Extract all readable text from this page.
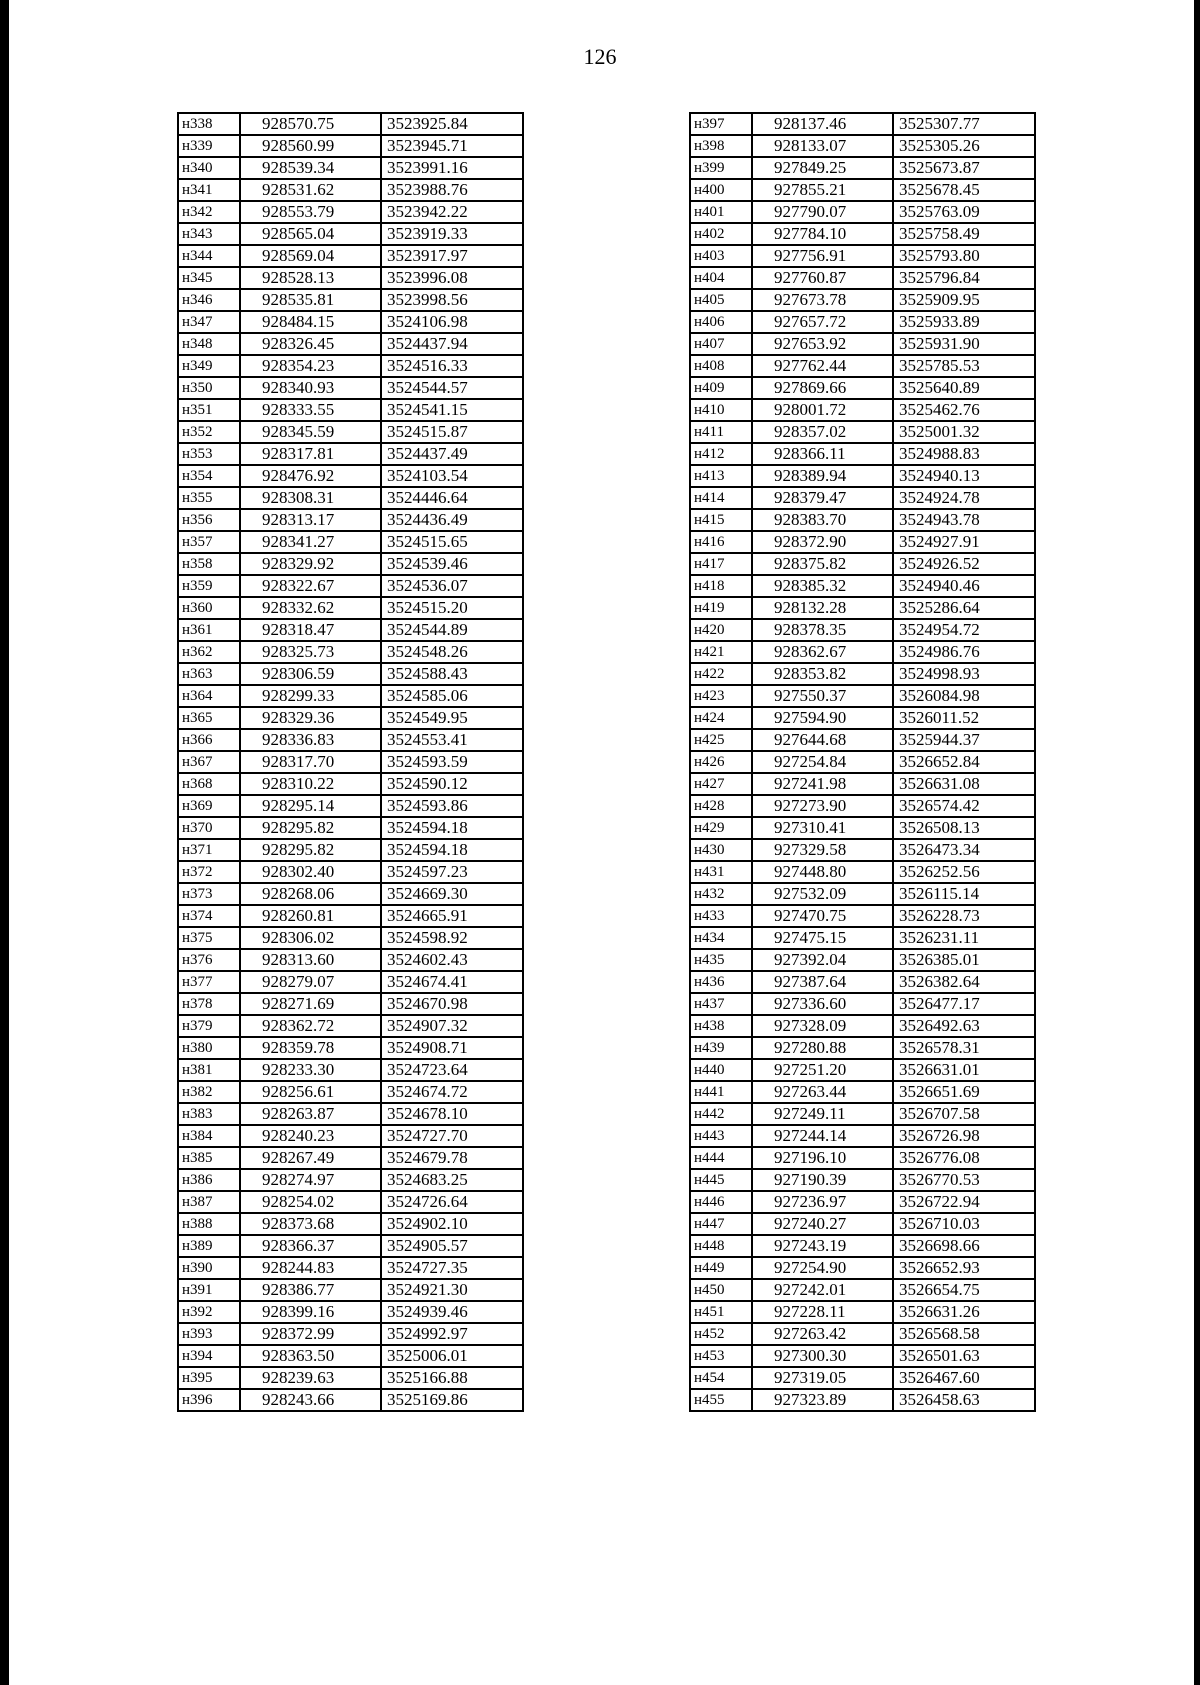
126
н338	928570.75	3523925.84
н339	928560.99	3523945.71
н340	928539.34	3523991.16
н341	928531.62	3523988.76
н342	928553.79	3523942.22
н343	928565.04	3523919.33
н344	928569.04	3523917.97
н345	928528.13	3523996.08
н346	928535.81	3523998.56
н347	928484.15	3524106.98
н348	928326.45	3524437.94
н349	928354.23	3524516.33
н350	928340.93	3524544.57
н351	928333.55	3524541.15
н352	928345.59	3524515.87
н353	928317.81	3524437.49
н354	928476.92	3524103.54
н355	928308.31	3524446.64
н356	928313.17	3524436.49
н357	928341.27	3524515.65
н358	928329.92	3524539.46
н359	928322.67	3524536.07
н360	928332.62	3524515.20
н361	928318.47	3524544.89
н362	928325.73	3524548.26
н363	928306.59	3524588.43
н364	928299.33	3524585.06
н365	928329.36	3524549.95
н366	928336.83	3524553.41
н367	928317.70	3524593.59
н368	928310.22	3524590.12
н369	928295.14	3524593.86
н370	928295.82	3524594.18
н371	928295.82	3524594.18
н372	928302.40	3524597.23
н373	928268.06	3524669.30
н374	928260.81	3524665.91
н375	928306.02	3524598.92
н376	928313.60	3524602.43
н377	928279.07	3524674.41
н378	928271.69	3524670.98
н379	928362.72	3524907.32
н380	928359.78	3524908.71
н381	928233.30	3524723.64
н382	928256.61	3524674.72
н383	928263.87	3524678.10
н384	928240.23	3524727.70
н385	928267.49	3524679.78
н386	928274.97	3524683.25
н387	928254.02	3524726.64
н388	928373.68	3524902.10
н389	928366.37	3524905.57
н390	928244.83	3524727.35
н391	928386.77	3524921.30
н392	928399.16	3524939.46
н393	928372.99	3524992.97
н394	928363.50	3525006.01
н395	928239.63	3525166.88
н396	928243.66	3525169.86
н397	928137.46	3525307.77
н398	928133.07	3525305.26
н399	927849.25	3525673.87
н400	927855.21	3525678.45
н401	927790.07	3525763.09
н402	927784.10	3525758.49
н403	927756.91	3525793.80
н404	927760.87	3525796.84
н405	927673.78	3525909.95
н406	927657.72	3525933.89
н407	927653.92	3525931.90
н408	927762.44	3525785.53
н409	927869.66	3525640.89
н410	928001.72	3525462.76
н411	928357.02	3525001.32
н412	928366.11	3524988.83
н413	928389.94	3524940.13
н414	928379.47	3524924.78
н415	928383.70	3524943.78
н416	928372.90	3524927.91
н417	928375.82	3524926.52
н418	928385.32	3524940.46
н419	928132.28	3525286.64
н420	928378.35	3524954.72
н421	928362.67	3524986.76
н422	928353.82	3524998.93
н423	927550.37	3526084.98
н424	927594.90	3526011.52
н425	927644.68	3525944.37
н426	927254.84	3526652.84
н427	927241.98	3526631.08
н428	927273.90	3526574.42
н429	927310.41	3526508.13
н430	927329.58	3526473.34
н431	927448.80	3526252.56
н432	927532.09	3526115.14
н433	927470.75	3526228.73
н434	927475.15	3526231.11
н435	927392.04	3526385.01
н436	927387.64	3526382.64
н437	927336.60	3526477.17
н438	927328.09	3526492.63
н439	927280.88	3526578.31
н440	927251.20	3526631.01
н441	927263.44	3526651.69
н442	927249.11	3526707.58
н443	927244.14	3526726.98
н444	927196.10	3526776.08
н445	927190.39	3526770.53
н446	927236.97	3526722.94
н447	927240.27	3526710.03
н448	927243.19	3526698.66
н449	927254.90	3526652.93
н450	927242.01	3526654.75
н451	927228.11	3526631.26
н452	927263.42	3526568.58
н453	927300.30	3526501.63
н454	927319.05	3526467.60
н455	927323.89	3526458.63
